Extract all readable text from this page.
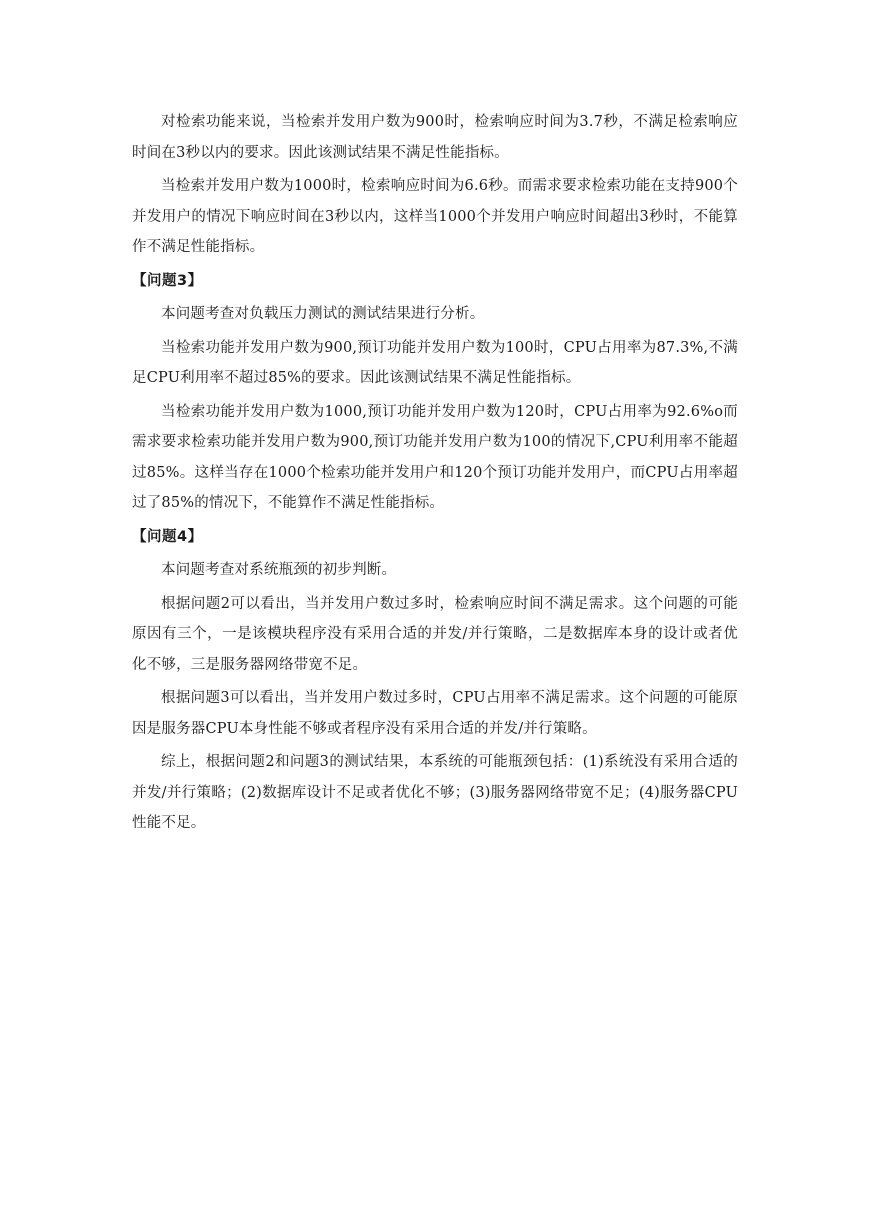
对检索功能来说，当检索并发用户数为900时，检索响应时间为3.7秒，不满足检索响应时间在3秒以内的要求。因此该测试结果不满足性能指标。

当检索并发用户数为1000时，检索响应时间为6.6秒。而需求要求检索功能在支持900个并发用户的情况下响应时间在3秒以内，这样当1000个并发用户响应时间超出3秒时，不能算作不满足性能指标。

【问题3】

本问题考查对负载压力测试的测试结果进行分析。

当检索功能并发用户数为900,预订功能并发用户数为100时，CPU占用率为87.3%,不满足CPU利用率不超过85%的要求。因此该测试结果不满足性能指标。

当检索功能并发用户数为1000,预订功能并发用户数为120时，CPU占用率为92.6%o而需求要求检索功能并发用户数为900,预订功能并发用户数为100的情况下,CPU利用率不能超过85%。这样当存在1000个检索功能并发用户和120个预订功能并发用户，而CPU占用率超过了85%的情况下，不能算作不满足性能指标。

【问题4】

本问题考查对系统瓶颈的初步判断。

根据问题2可以看出，当并发用户数过多时，检索响应时间不满足需求。这个问题的可能原因有三个，一是该模块程序没有采用合适的并发/并行策略，二是数据库本身的设计或者优化不够，三是服务器网络带宽不足。

根据问题3可以看出，当并发用户数过多时，CPU占用率不满足需求。这个问题的可能原因是服务器CPU本身性能不够或者程序没有采用合适的并发/并行策略。

综上，根据问题2和问题3的测试结果，本系统的可能瓶颈包括：(1)系统没有采用合适的并发/并行策略；(2)数据库设计不足或者优化不够；(3)服务器网络带宽不足；(4)服务器CPU性能不足。
